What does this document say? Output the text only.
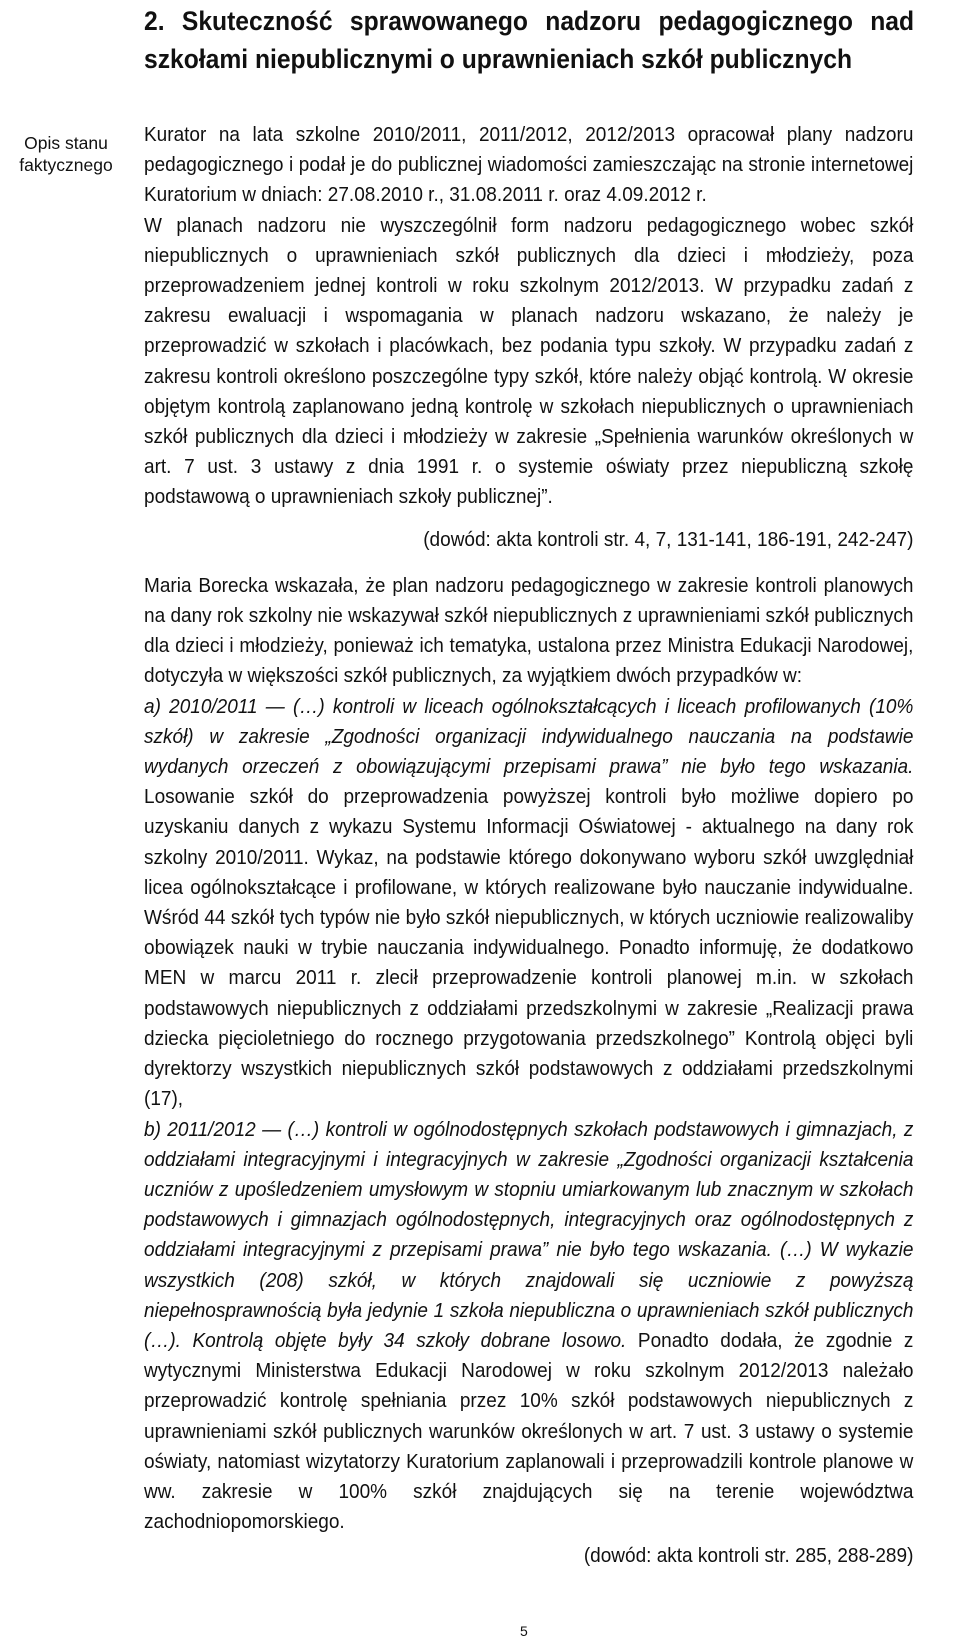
2. Skuteczność sprawowanego nadzoru pedagogicznego nad szkołami niepublicznymi o uprawnieniach szkół publicznych
Opis stanu faktycznego

Kurator na lata szkolne 2010/2011, 2011/2012, 2012/2013 opracował plany nadzoru pedagogicznego i podał je do publicznej wiadomości zamieszczając na stronie internetowej Kuratorium w dniach: 27.08.2010 r., 31.08.2011 r. oraz 4.09.2012 r.

W planach nadzoru nie wyszczególnił form nadzoru pedagogicznego wobec szkół niepublicznych o uprawnieniach szkół publicznych dla dzieci i młodzieży, poza przeprowadzeniem jednej kontroli w roku szkolnym 2012/2013. W przypadku zadań z zakresu ewaluacji i wspomagania w planach nadzoru wskazano, że należy je przeprowadzić w szkołach i placówkach, bez podania typu szkoły. W przypadku zadań z zakresu kontroli określono poszczególne typy szkół, które należy objąć kontrolą. W okresie objętym kontrolą zaplanowano jedną kontrolę w szkołach niepublicznych o uprawnieniach szkół publicznych dla dzieci i młodzieży w zakresie „Spełnienia warunków określonych w art. 7 ust. 3 ustawy z dnia 1991 r. o systemie oświaty przez niepubliczną szkołę podstawową o uprawnieniach szkoły publicznej”.

(dowód: akta kontroli str. 4, 7, 131-141, 186-191, 242-247)

Maria Borecka wskazała, że plan nadzoru pedagogicznego w zakresie kontroli planowych na dany rok szkolny nie wskazywał szkół niepublicznych z uprawnieniami szkół publicznych dla dzieci i młodzieży, ponieważ ich tematyka, ustalona przez Ministra Edukacji Narodowej, dotyczyła w większości szkół publicznych, za wyjątkiem dwóch przypadków w:

a) 2010/2011 — (…) kontroli w liceach ogólnokształcących i liceach profilowanych (10% szkół) w zakresie „Zgodności organizacji indywidualnego nauczania na podstawie wydanych orzeczeń z obowiązującymi przepisami prawa” nie było tego wskazania. Losowanie szkół do przeprowadzenia powyższej kontroli było możliwe dopiero po uzyskaniu danych z wykazu Systemu Informacji Oświatowej - aktualnego na dany rok szkolny 2010/2011. Wykaz, na podstawie którego dokonywano wyboru szkół uwzględniał licea ogólnokształcące i profilowane, w których realizowane było nauczanie indywidualne. Wśród 44 szkół tych typów nie było szkół niepublicznych, w których uczniowie realizowaliby obowiązek nauki w trybie nauczania indywidualnego. Ponadto informuję, że dodatkowo MEN w marcu 2011 r. zlecił przeprowadzenie kontroli planowej m.in. w szkołach podstawowych niepublicznych z oddziałami przedszkolnymi w zakresie „Realizacji prawa dziecka pięcioletniego do rocznego przygotowania przedszkolnego” Kontrolą objęci byli dyrektorzy wszystkich niepublicznych szkół podstawowych z oddziałami przedszkolnymi (17),

b) 2011/2012 — (…) kontroli w ogólnodostępnych szkołach podstawowych i gimnazjach, z oddziałami integracyjnymi i integracyjnych w zakresie „Zgodności organizacji kształcenia uczniów z upośledzeniem umysłowym w stopniu umiarkowanym lub znacznym w szkołach podstawowych i gimnazjach ogólnodostępnych, integracyjnych oraz ogólnodostępnych z oddziałami integracyjnymi z przepisami prawa” nie było tego wskazania. (…) W wykazie wszystkich (208) szkół, w których znajdowali się uczniowie z powyższą niepełnosprawnością była jedynie 1 szkoła niepubliczna o uprawnieniach szkół publicznych (…). Kontrolą objęte były 34 szkoły dobrane losowo. Ponadto dodała, że zgodnie z wytycznymi Ministerstwa Edukacji Narodowej w roku szkolnym 2012/2013 należało przeprowadzić kontrolę spełniania przez 10% szkół podstawowych niepublicznych z uprawnieniami szkół publicznych warunków określonych w art. 7 ust. 3 ustawy o systemie oświaty, natomiast wizytatorzy Kuratorium zaplanowali i przeprowadzili kontrole planowe w ww. zakresie w 100% szkół znajdujących się na terenie województwa zachodniopomorskiego.

(dowód: akta kontroli str. 285, 288-289)

5
